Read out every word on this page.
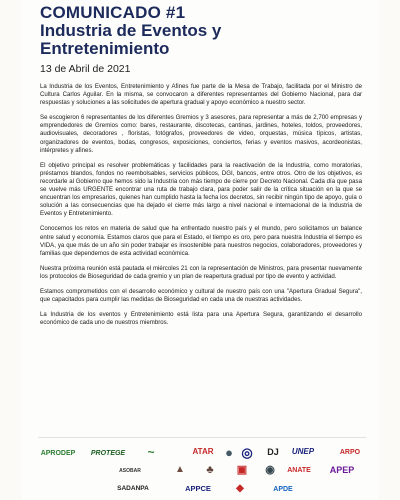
COMUNICADO #1
Industria de Eventos y
Entretenimiento
13 de Abril de 2021

La Industria de los Eventos, Entretenimiento y Afines fue parte de la Mesa de Trabajo, facilitada por el Ministro de Cultura Carlos Aguilar. En la misma, se convocaron a diferentes representantes del Gobierno Nacional, para dar respuestas y soluciones a las solicitudes de apertura gradual y apoyo económico a nuestro sector.

Se escogieron 6 representantes de los diferentes Gremios y 3 asesores, para representar a más de 2,700 empresas y emprendedores de Gremios como: bares, restaurante, discotecas, cantinas, jardines, hoteles, toldos, proveedores, audiovisuales, decoradores , floristas, fotógrafos, proveedores de video, orquestas, música típicos, artistas, organizadores de eventos, bodas, congresos, exposiciones, conciertos, ferias y eventos masivos, acordeonistas, intérpretes y afines.

El objetivo principal es resolver problemáticas y facilidades para la reactivación de la Industria, como moratorias, préstamos blandos, fondos no reembolsables, servicios públicos, DGI, bancos, entre otros. Otro de los objetivos, es recordarle al Gobierno que hemos sido la Industria con más tiempo de cierre por Decreto Nacional. Cada día que pasa se vuelve más URGENTE encontrar una ruta de trabajo clara, para poder salir de la crítica situación en la que se encuentran los empresarios, quienes han cumplido hasta la fecha los decretos, sin recibir ningún tipo de apoyo, guía o solución a las consecuencias que ha dejado el cierre más largo a nivel nacional e internacional de la Industria de Eventos y Entretenimiento.

Conocemos los retos en materia de salud que ha enfrentado nuestro país y el mundo, pero solicitamos un balance entre salud y economía. Estamos claros que para el Estado, el tiempo es oro, pero para nuestra Industria el tiempo es VIDA, ya que más de un año sin poder trabajar es insostenible para nuestros negocios, colaboradores, proveedores y familias que dependemos de esta actividad económica.

Nuestra próxima reunión está pautada el miércoles 21 con la representación de Ministros, para presentar nuevamente los protocolos de Bioseguridad de cada gremio y un plan de reapertura gradual por tipo de evento y actividad.

Estamos comprometidos con el desarrollo económico y cultural de nuestro país con una "Apertura Gradual Segura", que capacitados para cumplir las medidas de Bioseguridad en cada una de nuestras actividades.

La Industria de los eventos y Entretenimiento está lista para una Apertura Segura, garantizando el desarrollo económico de cada uno de nuestros miembros.

APRODEP PROTEGE ~	ATAR ● ◎ DJ UNEP	ARPO
ASOBAR	▲ ♣ ▣ ◉ ANATE APEP
SADANPA	APPCE	◆	APDE
